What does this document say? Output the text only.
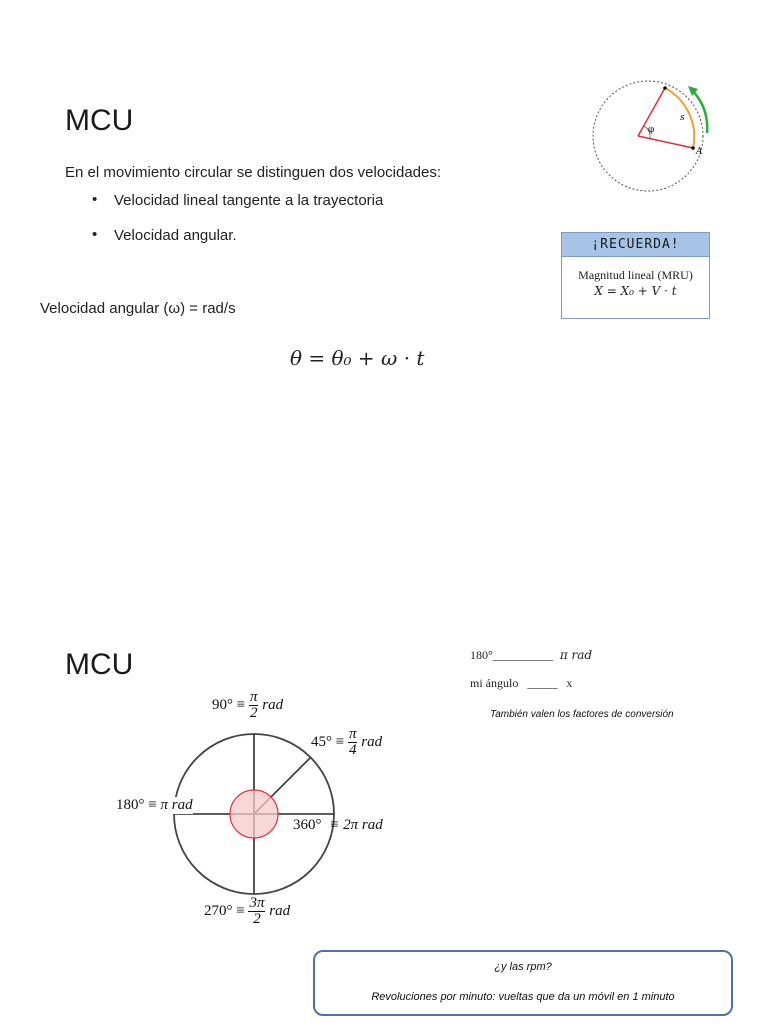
MCU
En el movimiento circular se distinguen dos velocidades:
• Velocidad lineal tangente a la trayectoria
• Velocidad angular.
Velocidad angular (ω) = rad/s
θ = θ₀ + ω · t
φ
s
A
¡RECUERDA!
Magnitud lineal (MRU)
X = X₀ + V · t
MCU	180°__________ π rad
mi ángulo _____ x
También valen los factores de conversión
$90^\circ \equiv \frac{\pi}{2}$ rad
$45^\circ \equiv \frac{\pi}{4}$ rad
180° ≡ π rad
360° ≡ 2π rad
$270^\circ \equiv \frac{3\pi}{2}$ rad
¿y las rpm?
Revoluciones por minuto: vueltas que da un móvil en 1 minuto
